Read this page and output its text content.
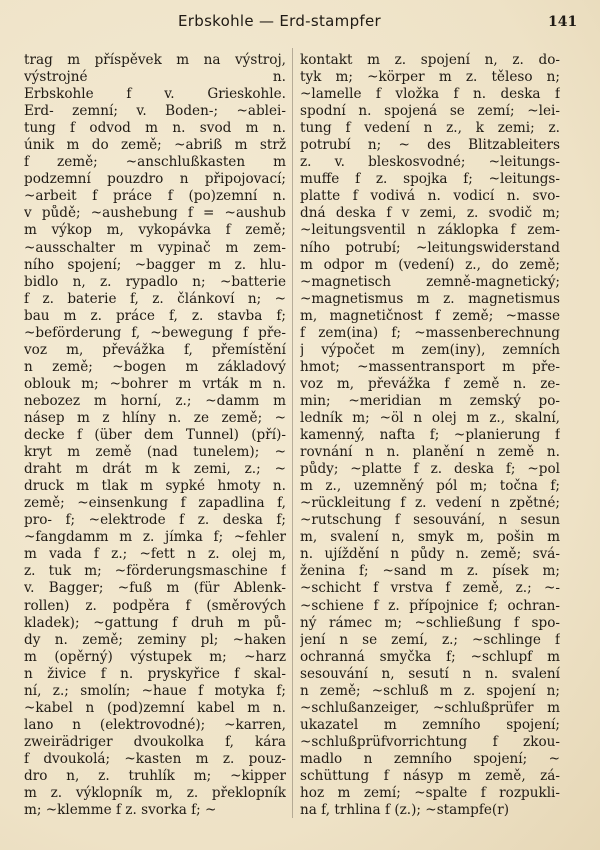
Erbskohle — Erd-stampfer	141
trag m příspěvek m na výstroj,
výstrojné n.
Erbskohle f v. Grieskohle.
Erd- zemní; v. Boden-; ~ablei-
tung f odvod m n. svod m n.
únik m do země; ~abriß m strž
f země; ~anschlußkasten m
podzemní pouzdro n připojovací;
~arbeit f práce f (po)zemní n.
v půdě; ~aushebung f = ~aushub
m výkop m, vykopávka f země;
~ausschalter m vypinač m zem-
ního spojení; ~bagger m z. hlu-
bidlo n, z. rypadlo n; ~batterie
f z. baterie f, z. článkoví n; ~
bau m z. práce f, z. stavba f;
~beförderung f, ~bewegung f pře-
voz m, převážka f, přemístění
n země; ~bogen m základový
oblouk m; ~bohrer m vrták m n.
nebozez m horní, z.; ~damm m
násep m z hlíny n. ze země; ~
decke f (über dem Tunnel) (pří)-
kryt m země (nad tunelem); ~
draht m drát m k zemi, z.; ~
druck m tlak m sypké hmoty n.
země; ~einsenkung f zapadlina f,
pro- f; ~elektrode f z. deska f;
~fangdamm m z. jímka f; ~fehler
m vada f z.; ~fett n z. olej m,
z. tuk m; ~förderungsmaschine f
v. Bagger; ~fuß m (für Ablenk-
rollen) z. podpěra f (směrových
kladek); ~gattung f druh m pů-
dy n. země; zeminy pl; ~haken
m (opěrný) výstupek m; ~harz
n živice f n. pryskyřice f skal-
ní, z.; smolín; ~haue f motyka f;
~kabel n (pod)zemní kabel m n.
lano n (elektrovodné); ~karren,
zweirädriger dvoukolka f, kára
f dvoukolá; ~kasten m z. pouz-
dro n, z. truhlík m; ~kipper
m z. výklopník m, z. překlopník
m; ~klemme f z. svorka f; ~
kontakt m z. spojení n, z. do-
tyk m; ~körper m z. těleso n;
~lamelle f vložka f n. deska f
spodní n. spojená se zemí; ~lei-
tung f vedení n z., k zemi; z.
potrubí n; ~ des Blitzableiters
z. v. bleskosvodné; ~leitungs-
muffe f z. spojka f; ~leitungs-
platte f vodivá n. vodicí n. svo-
dná deska f v zemi, z. svodič m;
~leitungsventil n záklopka f zem-
ního potrubí; ~leitungswiderstand
m odpor m (vedení) z., do země;
~magnetisch zemně-magnetický;
~magnetismus m z. magnetismus
m, magnetičnost f země; ~masse
f zem(ina) f; ~massenberechnung
j výpočet m zem(iny), zemních
hmot; ~massentransport m pře-
voz m, převážka f země n. ze-
min; ~meridian m zemský po-
ledník m; ~öl n olej m z., skalní,
kamenný, nafta f; ~planierung f
rovnání n n. planění n země n.
půdy; ~platte f z. deska f; ~pol
m z., uzemněný pól m; točna f;
~rückleitung f z. vedení n zpětné;
~rutschung f sesouvání, n sesun
m, svalení n, smyk m, pošin m
n. ujíždění n půdy n. země; svá-
ženina f; ~sand m z. písek m;
~schicht f vrstva f země, z.; ~-
~schiene f z. přípojnice f; ochran-
ný rámec m; ~schließung f spo-
jení n se zemí, z.; ~schlinge f
ochranná smyčka f; ~schlupf m
sesouvání n, sesutí n n. svalení
n země; ~schluß m z. spojení n;
~schlußanzeiger, ~schlußprüfer m
ukazatel m zemního spojení;
~schlußprüfvorrichtung f zkou-
madlo n zemního spojení; ~
schüttung f násyp m země, zá-
hoz m zemí; ~spalte f rozpukli-
na f, trhlina f (z.); ~stampfe(r)
